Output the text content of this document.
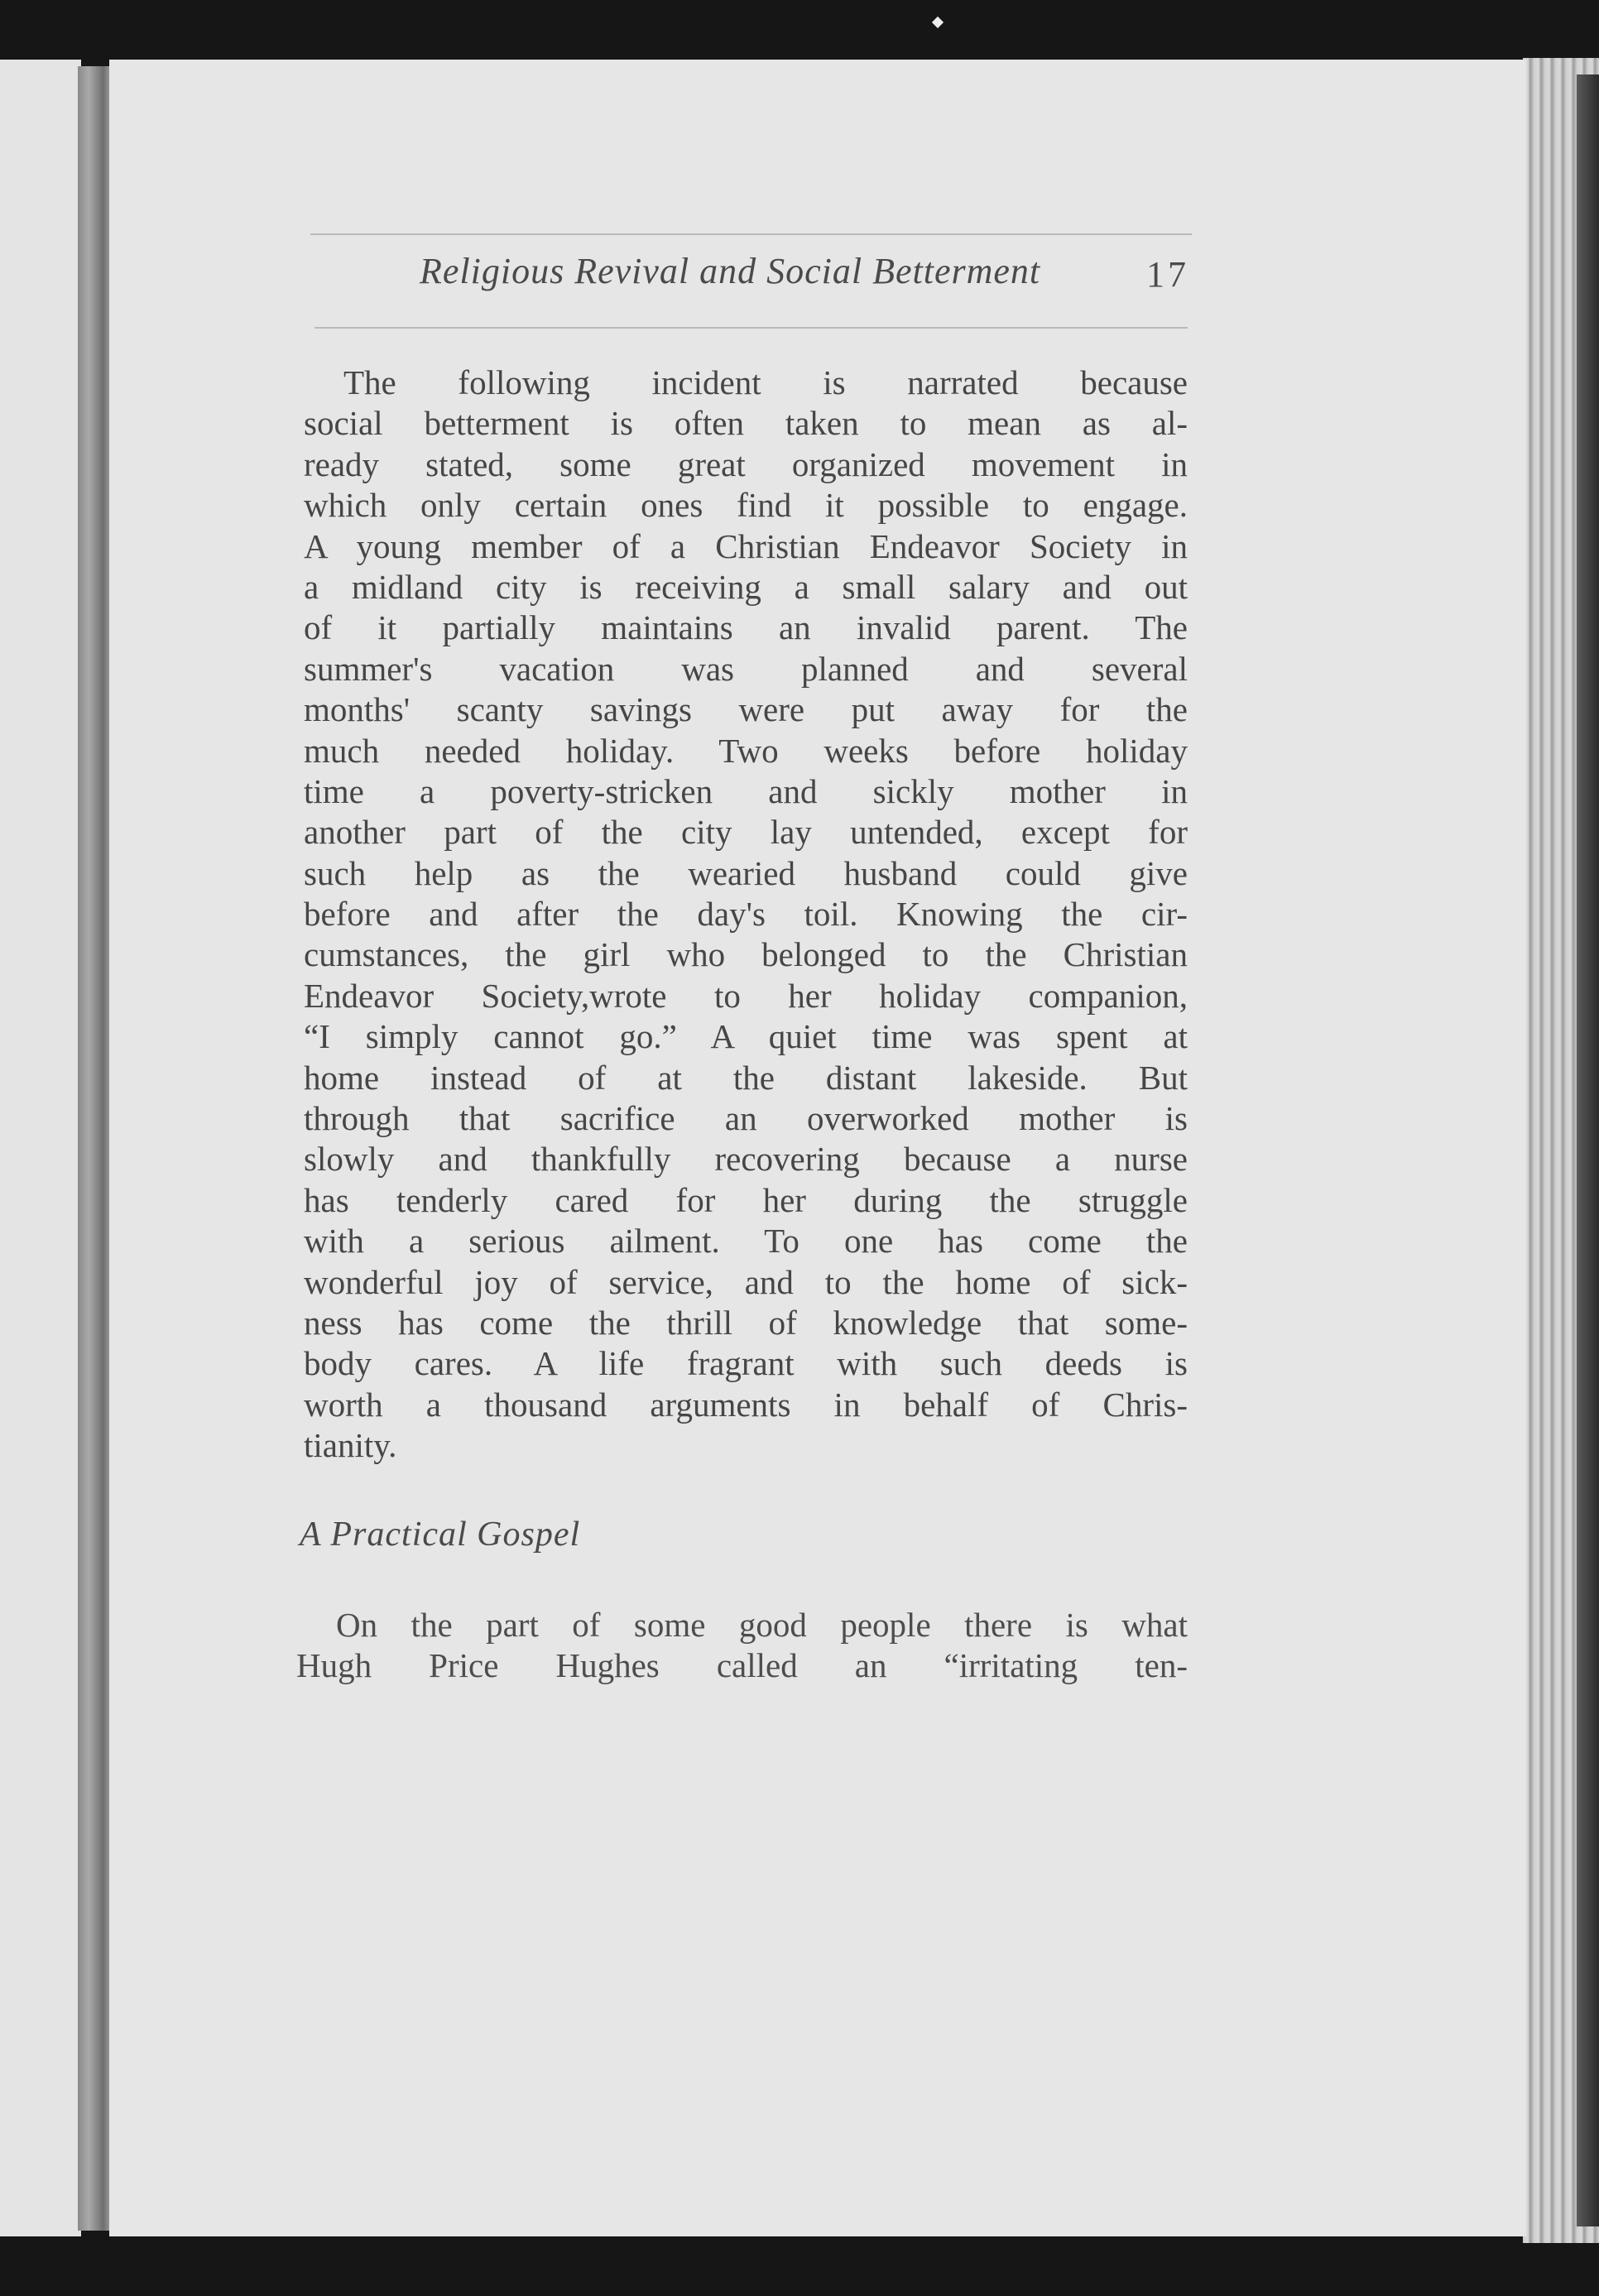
Religious Revival and Social Betterment	17
The following incident is narrated because
social betterment is often taken to mean as al-
ready stated, some great organized movement in
which only certain ones find it possible to engage.
A young member of a Christian Endeavor Society in
a midland city is receiving a small salary and out
of it partially maintains an invalid parent. The
summer's vacation was planned and several
months' scanty savings were put away for the
much needed holiday. Two weeks before holiday
time a poverty-stricken and sickly mother in
another part of the city lay untended, except for
such help as the wearied husband could give
before and after the day's toil. Knowing the cir-
cumstances, the girl who belonged to the Christian
Endeavor Society,wrote to her holiday companion,
“I simply cannot go.” A quiet time was spent at
home instead of at the distant lakeside. But
through that sacrifice an overworked mother is
slowly and thankfully recovering because a nurse
has tenderly cared for her during the struggle
with a serious ailment. To one has come the
wonderful joy of service, and to the home of sick-
ness has come the thrill of knowledge that some-
body cares. A life fragrant with such deeds is
worth a thousand arguments in behalf of Chris-
tianity.
A Practical Gospel
On the part of some good people there is what
Hugh Price Hughes called an “irritating ten-
